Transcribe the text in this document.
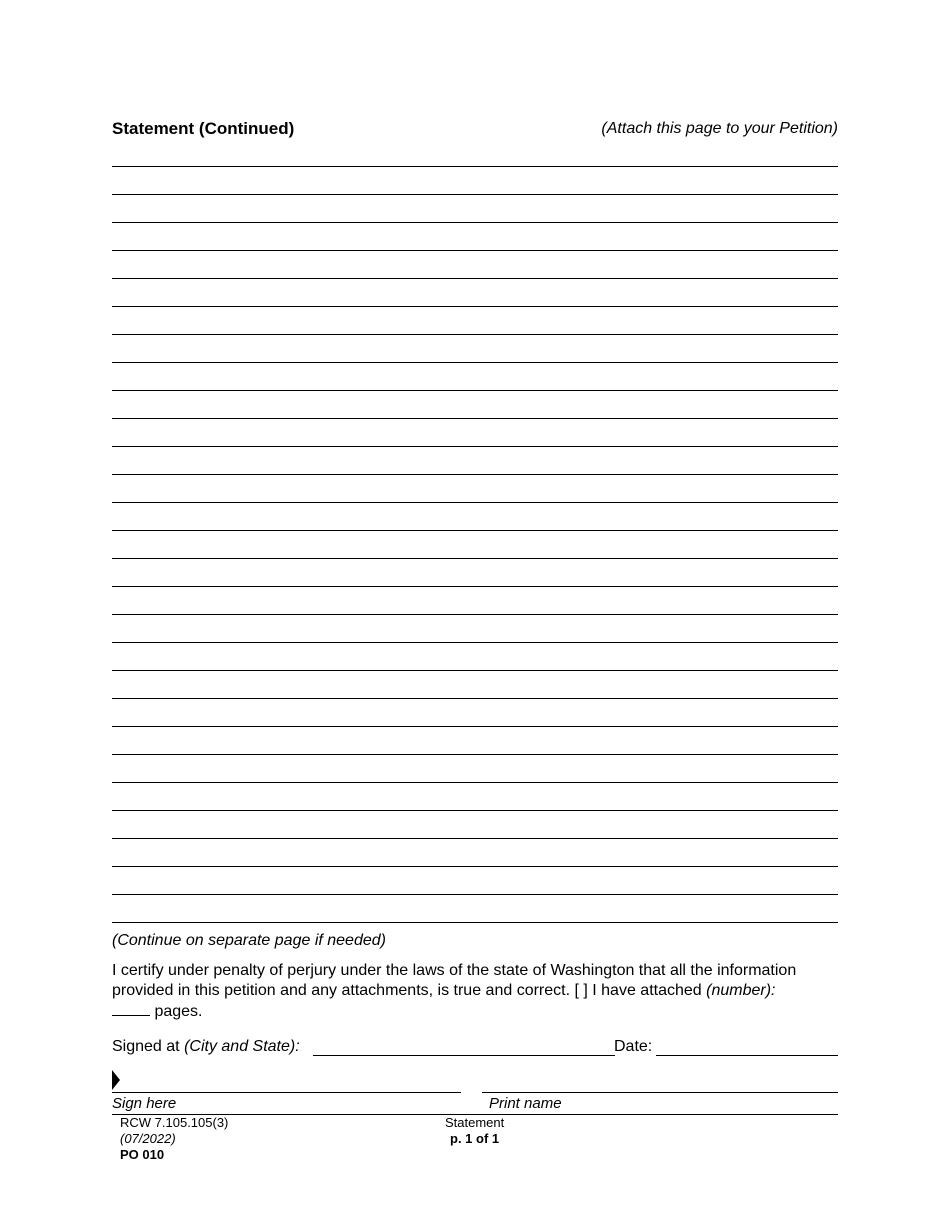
Statement (Continued)	(Attach this page to your Petition)
(Continue on separate page if needed)
I certify under penalty of perjury under the laws of the state of Washington that all the information provided in this petition and any attachments, is true and correct. [ ] I have attached (number):  pages.
Signed at (City and State):	Date:
Sign here	Print name
RCW 7.105.105(3)
(07/2022)
PO 010
Statement
p. 1 of 1
